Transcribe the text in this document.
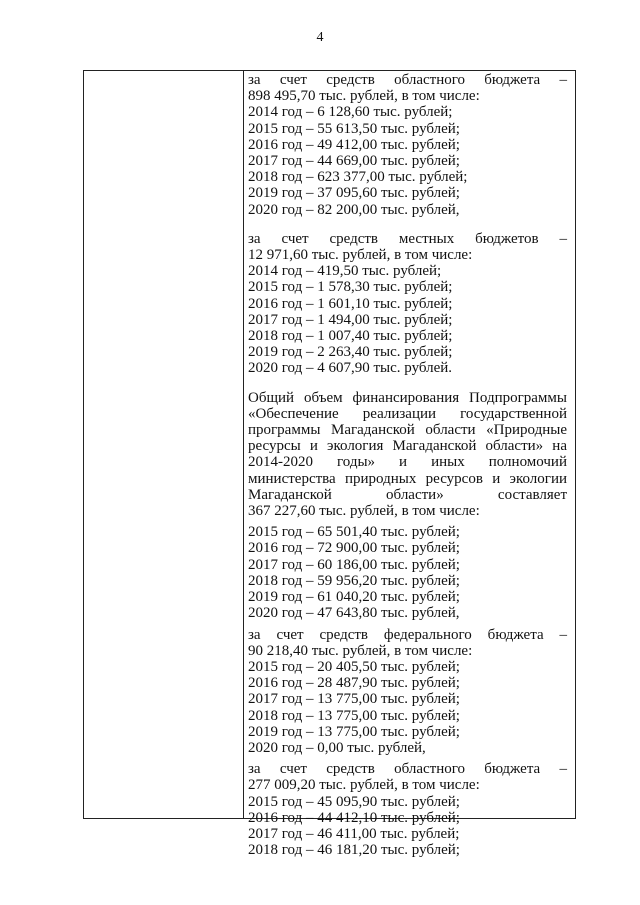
4
за счет средств областного бюджета –
898 495,70 тыс. рублей, в том числе:
2014 год – 6 128,60 тыс. рублей;
2015 год – 55 613,50 тыс. рублей;
2016 год – 49 412,00 тыс. рублей;
2017 год – 44 669,00 тыс. рублей;
2018 год – 623 377,00 тыс. рублей;
2019 год – 37 095,60 тыс. рублей;
2020 год – 82 200,00 тыс. рублей,
за счет средств местных бюджетов –
12 971,60 тыс. рублей, в том числе:
2014 год – 419,50 тыс. рублей;
2015 год – 1 578,30 тыс. рублей;
2016 год – 1 601,10 тыс. рублей;
2017 год – 1 494,00 тыс. рублей;
2018 год – 1 007,40 тыс. рублей;
2019 год – 2 263,40 тыс. рублей;
2020 год – 4 607,90 тыс. рублей.
Общий объем финансирования Подпрограммы
«Обеспечение реализации государственной
программы Магаданской области «Природные
ресурсы и экология Магаданской области» на
2014-2020 годы» и иных полномочий
министерства природных ресурсов и экологии
Магаданской области» составляет
367 227,60 тыс. рублей, в том числе:
2015 год – 65 501,40 тыс. рублей;
2016 год – 72 900,00 тыс. рублей;
2017 год – 60 186,00 тыс. рублей;
2018 год – 59 956,20 тыс. рублей;
2019 год – 61 040,20 тыс. рублей;
2020 год – 47 643,80 тыс. рублей,
за счет средств федерального бюджета –
90 218,40 тыс. рублей, в том числе:
2015 год – 20 405,50 тыс. рублей;
2016 год – 28 487,90 тыс. рублей;
2017 год – 13 775,00 тыс. рублей;
2018 год – 13 775,00 тыс. рублей;
2019 год – 13 775,00 тыс. рублей;
2020 год – 0,00 тыс. рублей,
за счет средств областного бюджета –
277 009,20 тыс. рублей, в том числе:
2015 год – 45 095,90 тыс. рублей;
2016 год – 44 412,10 тыс. рублей;
2017 год – 46 411,00 тыс. рублей;
2018 год – 46 181,20 тыс. рублей;
